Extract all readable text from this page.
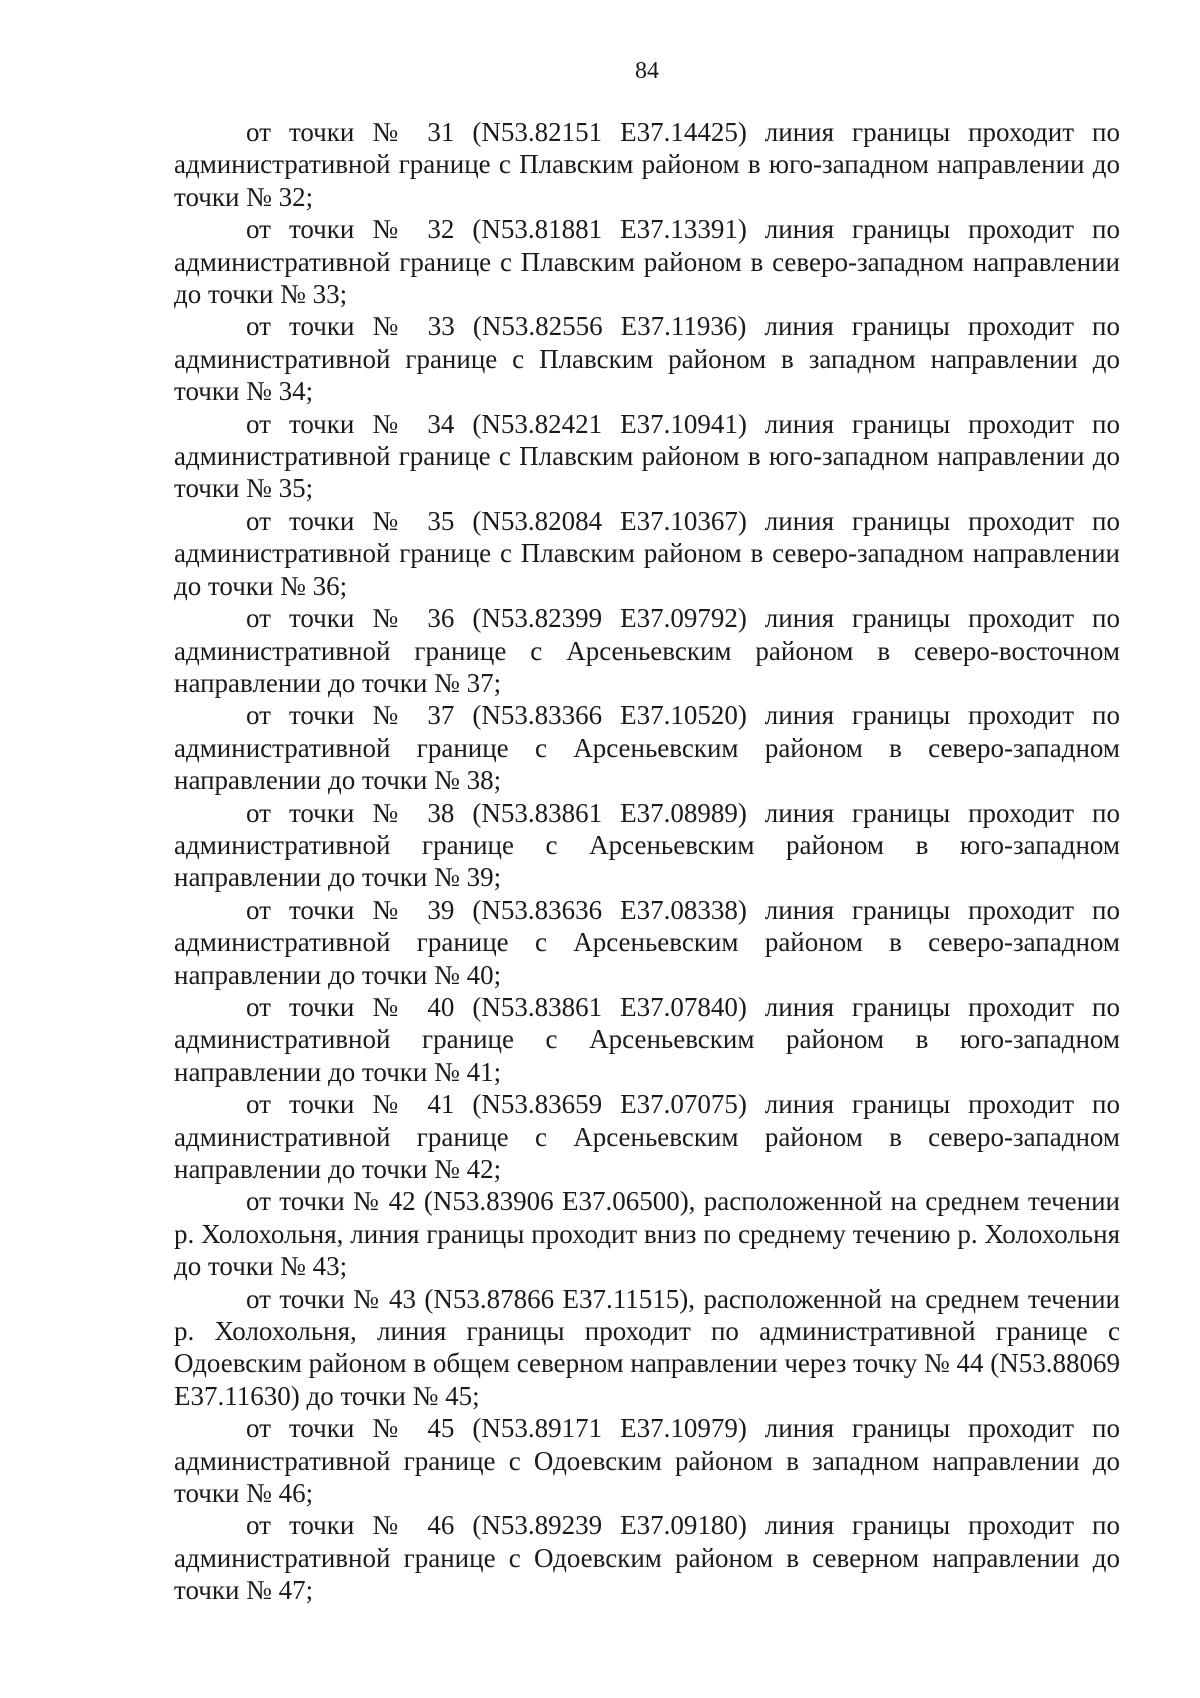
84

от точки № 31 (N53.82151 E37.14425) линия границы проходит по административной границе с Плавским районом в юго-западном направлении до точки № 32;

от точки № 32 (N53.81881 E37.13391) линия границы проходит по административной границе с Плавским районом в северо-западном направлении до точки № 33;

от точки № 33 (N53.82556 E37.11936) линия границы проходит по административной границе с Плавским районом в западном направлении до точки № 34;

от точки № 34 (N53.82421 E37.10941) линия границы проходит по административной границе с Плавским районом в юго-западном направлении до точки № 35;

от точки № 35 (N53.82084 E37.10367) линия границы проходит по административной границе с Плавским районом в северо-западном направлении до точки № 36;

от точки № 36 (N53.82399 E37.09792) линия границы проходит по административной границе с Арсеньевским районом в северо-восточном направлении до точки № 37;

от точки № 37 (N53.83366 E37.10520) линия границы проходит по административной границе с Арсеньевским районом в северо-западном направлении до точки № 38;

от точки № 38 (N53.83861 E37.08989) линия границы проходит по административной границе с Арсеньевским районом в юго-западном направлении до точки № 39;

от точки № 39 (N53.83636 E37.08338) линия границы проходит по административной границе с Арсеньевским районом в северо-западном направлении до точки № 40;

от точки № 40 (N53.83861 E37.07840) линия границы проходит по административной границе с Арсеньевским районом в юго-западном направлении до точки № 41;

от точки № 41 (N53.83659 E37.07075) линия границы проходит по административной границе с Арсеньевским районом в северо-западном направлении до точки № 42;

от точки № 42 (N53.83906 E37.06500), расположенной на среднем течении р. Холохольня, линия границы проходит вниз по среднему течению р. Холохольня до точки № 43;

от точки № 43 (N53.87866 E37.11515), расположенной на среднем течении р. Холохольня, линия границы проходит по административной границе с Одоевским районом в общем северном направлении через точку № 44 (N53.88069 E37.11630) до точки № 45;

от точки № 45 (N53.89171 E37.10979) линия границы проходит по административной границе с Одоевским районом в западном направлении до точки № 46;

от точки № 46 (N53.89239 E37.09180) линия границы проходит по административной границе с Одоевским районом в северном направлении до точки № 47;
